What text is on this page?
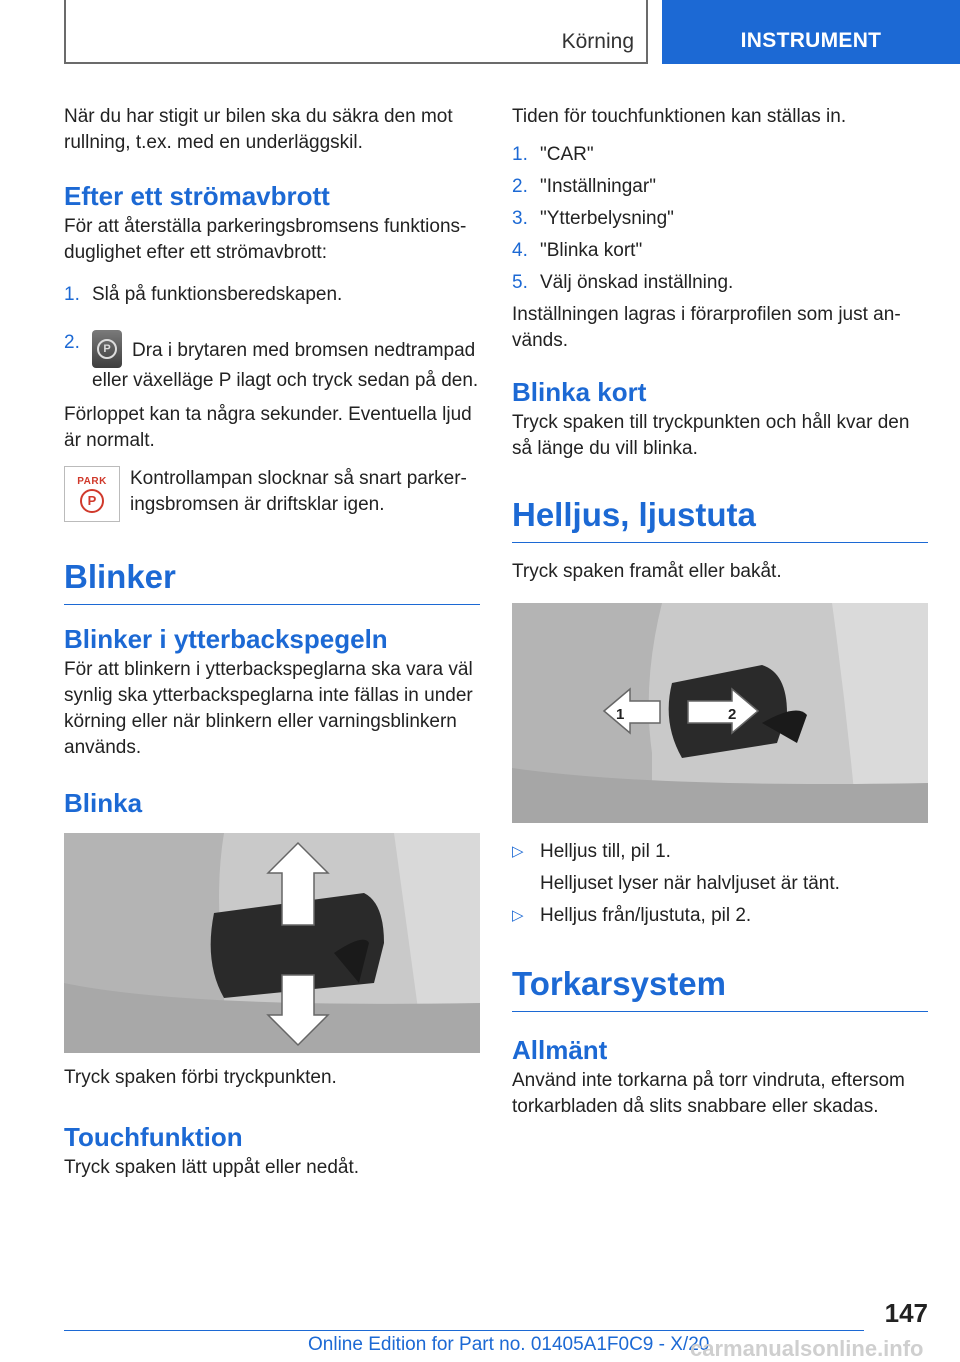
Körning	INSTRUMENT

När du har stigit ur bilen ska du säkra den mot rullning, t.ex. med en underläggskil.

Efter ett strömavbrott

För att återställa parkeringsbromsens funktionsduglighet efter ett strömavbrott:

1. Slå på funktionsberedskapen.
2.	P	Dra i brytaren med bromsen nedtrampad eller växelläge P ilagt och tryck sedan på den.

Förloppet kan ta några sekunder. Eventuella ljud är normalt.

PARK
P

Kontrollampan slocknar så snart parkeringsbromsen är driftsklar igen.

Blinker
Blinker i ytterbackspegeln

För att blinkern i ytterbackspeglarna ska vara väl synlig ska ytterbackspeglarna inte fällas in under körning eller när blinkern eller varningsblinkern används.

Blinka

Tryck spaken förbi tryckpunkten.

Touchfunktion

Tryck spaken lätt uppåt eller nedåt.

Tiden för touchfunktionen kan ställas in.

1. "CAR"
2. "Inställningar"
3. "Ytterbelysning"
4. "Blinka kort"
5. Välj önskad inställning.

Inställningen lagras i förarprofilen som just används.

Blinka kort

Tryck spaken till tryckpunkten och håll kvar den så länge du vill blinka.

Helljus, ljustuta

Tryck spaken framåt eller bakåt.

1	2
▷ Helljus till, pil 1.
Helljuset lyser när halvljuset är tänt.
▷ Helljus från/ljustuta, pil 2.
Torkarsystem
Allmänt

Använd inte torkarna på torr vindruta, eftersom torkarbladen då slits snabbare eller skadas.

147
Online Edition for Part no. 01405A1F0C9 - X/20
carmanualsonline.info
